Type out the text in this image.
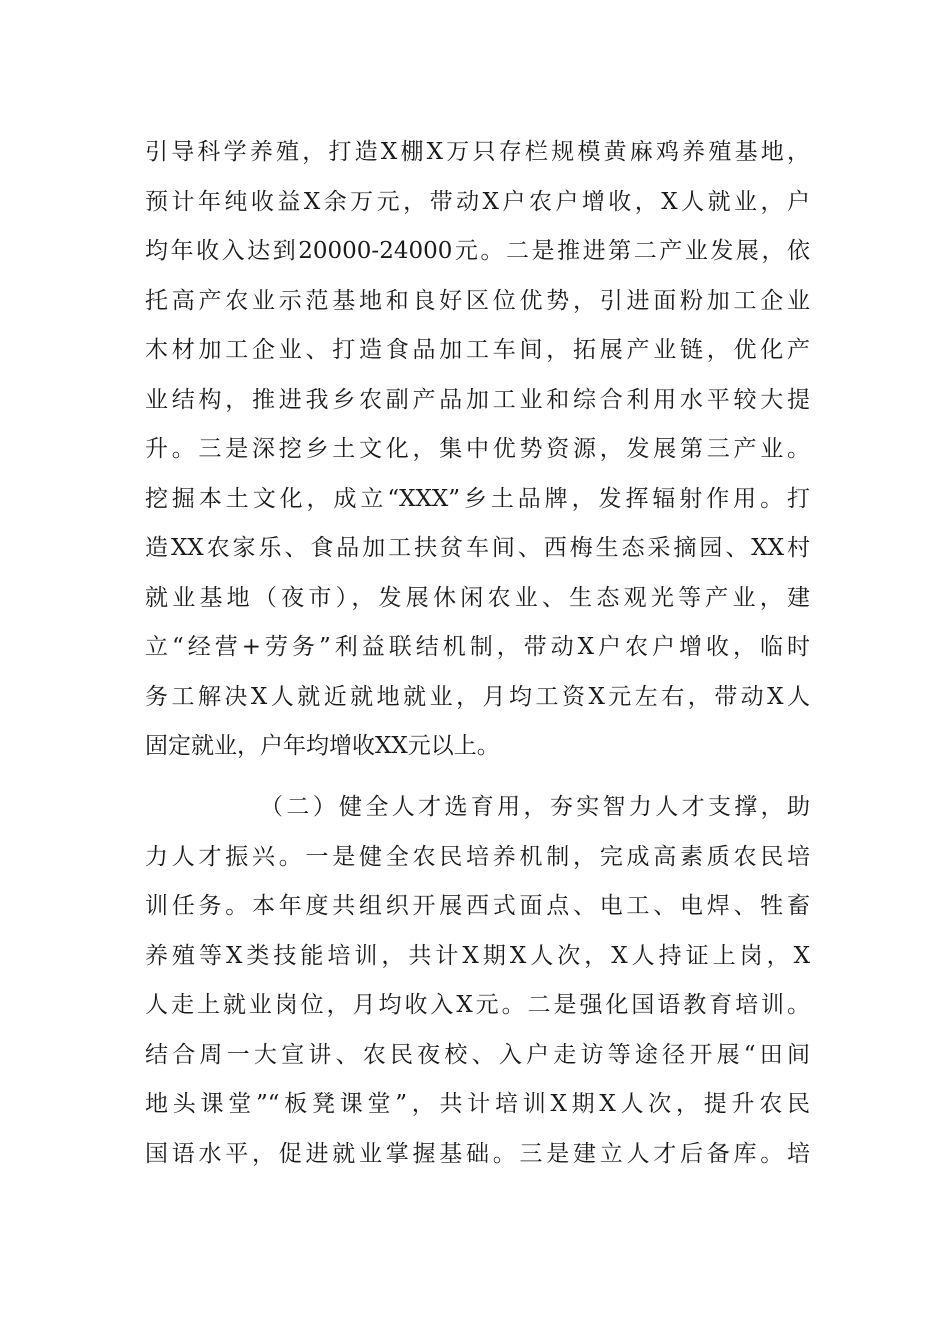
引导科学养殖，打造X棚X万只存栏规模黄麻鸡养殖基地，
预计年纯收益X余万元，带动X户农户增收，X人就业，户
均年收入达到20000-24000元。二是推进第二产业发展，依
托高产农业示范基地和良好区位优势，引进面粉加工企业
木材加工企业、打造食品加工车间，拓展产业链，优化产
业结构，推进我乡农副产品加工业和综合利用水平较大提
升。三是深挖乡土文化，集中优势资源，发展第三产业。
挖掘本土文化，成立“XXX”乡土品牌，发挥辐射作用。打
造XX农家乐、食品加工扶贫车间、西梅生态采摘园、XX村
就业基地（夜市），发展休闲农业、生态观光等产业，建
立“经营+劳务”利益联结机制，带动X户农户增收，临时
务工解决X人就近就地就业，月均工资X元左右，带动X人
固定就业，户年均增收XX元以上。
（二）健全人才选育用，夯实智力人才支撑，助
力人才振兴。一是健全农民培养机制，完成高素质农民培
训任务。本年度共组织开展西式面点、电工、电焊、牲畜
养殖等X类技能培训，共计X期X人次，X人持证上岗，X
人走上就业岗位，月均收入X元。二是强化国语教育培训。
结合周一大宣讲、农民夜校、入户走访等途径开展“田间
地头课堂”“板凳课堂”，共计培训X期X人次，提升农民
国语水平，促进就业掌握基础。三是建立人才后备库。培
